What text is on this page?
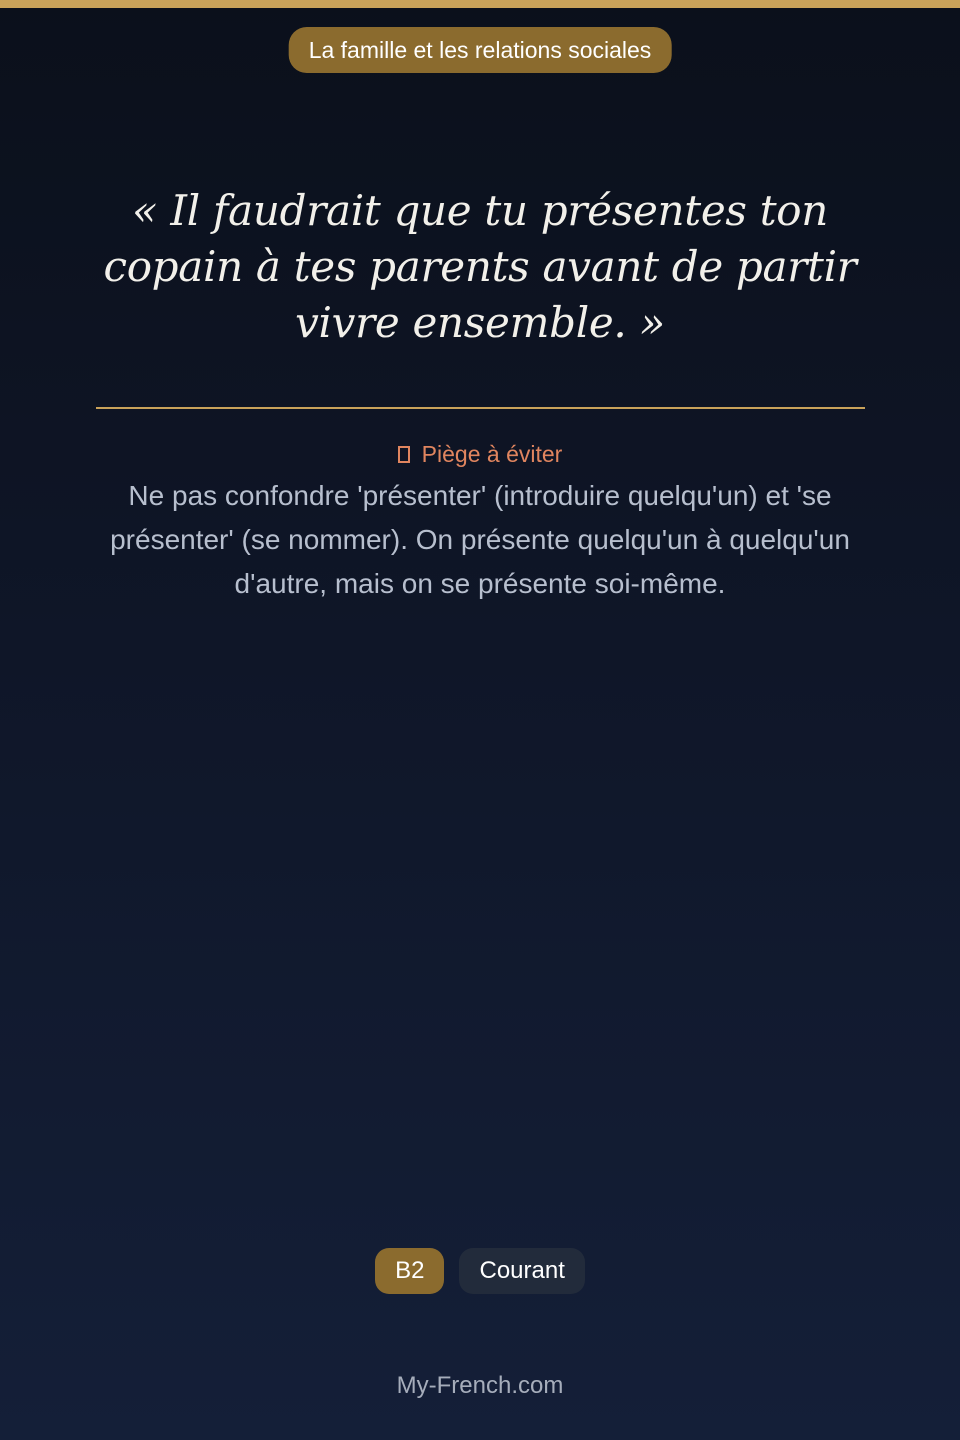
La famille et les relations sociales
« Il faudrait que tu présentes ton copain à tes parents avant de partir vivre ensemble. »
Piège à éviter
Ne pas confondre 'présenter' (introduire quelqu'un) et 'se présenter' (se nommer). On présente quelqu'un à quelqu'un d'autre, mais on se présente soi-même.
B2	Courant
My-French.com
